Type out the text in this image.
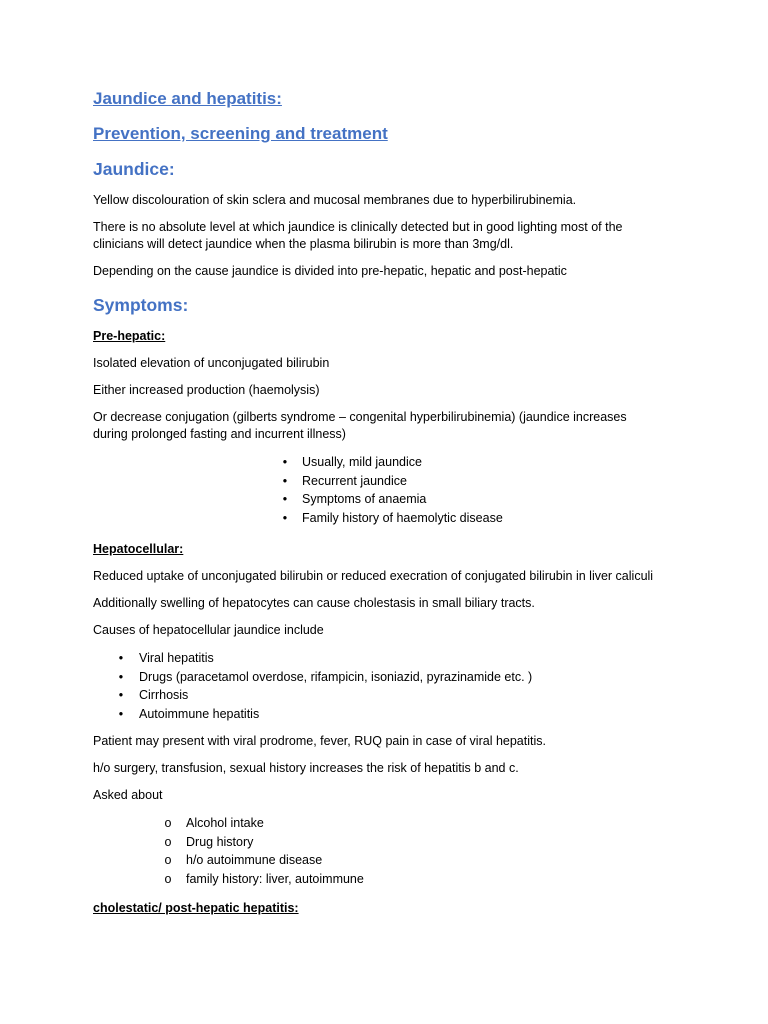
Jaundice and hepatitis:
Prevention, screening and treatment
Jaundice:

Yellow discolouration of skin sclera and mucosal membranes due to hyperbilirubinemia.

There is no absolute level at which jaundice is clinically detected but in good lighting most of the clinicians will detect jaundice when the plasma bilirubin is more than 3mg/dl.

Depending on the cause jaundice is divided into pre-hepatic, hepatic and post-hepatic

Symptoms:
Pre-hepatic:

Isolated elevation of unconjugated bilirubin

Either increased production (haemolysis)

Or decrease conjugation (gilberts syndrome – congenital hyperbilirubinemia) (jaundice increases during prolonged fasting and incurrent illness)

•	Usually, mild jaundice
•	Recurrent jaundice
•	Symptoms of anaemia
•	Family history of haemolytic disease
Hepatocellular:

Reduced uptake of unconjugated bilirubin or reduced execration of conjugated bilirubin in liver caliculi

Additionally swelling of hepatocytes can cause cholestasis in small biliary tracts.

Causes of hepatocellular jaundice include

•	Viral hepatitis
•	Drugs (paracetamol overdose, rifampicin, isoniazid, pyrazinamide etc. )
•	Cirrhosis
•	Autoimmune hepatitis

Patient may present with viral prodrome, fever, RUQ pain in case of viral hepatitis.

h/o surgery, transfusion, sexual history increases the risk of hepatitis b and c.

Asked about

o Alcohol intake
o Drug history
o h/o autoimmune disease
o family history: liver, autoimmune
cholestatic/ post-hepatic hepatitis:
